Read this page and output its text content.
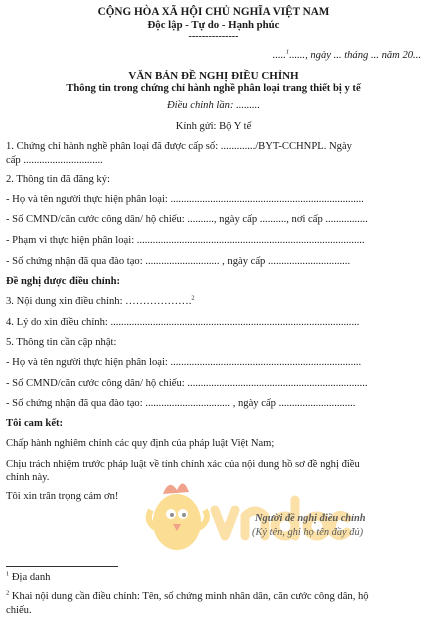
CỘNG HÒA XÃ HỘI CHỦ NGHĨA VIỆT NAM
Độc lập - Tự do - Hạnh phúc
---------------
.....$^1$......, ngày ... tháng ... năm 20...
VĂN BẢN ĐỀ NGHỊ ĐIỀU CHỈNH
Thông tin trong chứng chỉ hành nghề phân loại trang thiết bị y tế
Điều chỉnh lần: .........
Kính gửi: Bộ Y tế
1. Chứng chỉ hành nghề phân loại đã được cấp số: ............./BYT-CCHNPL. Ngày
cấp ..............................
2. Thông tin đã đăng ký:
- Họ và tên người thực hiện phân loại: .........................................................................
- Số CMND/căn cước công dân/ hộ chiếu: .........., ngày cấp .........., nơi cấp ................
- Phạm vi thực hiện phân loại: ......................................................................................
- Số chứng nhận đã qua đào tạo: ............................ , ngày cấp ...............................
Đề nghị được điều chỉnh:
3. Nội dung xin điều chỉnh: ……………….$^2$
4. Lý do xin điều chỉnh: ..............................................................................................
5. Thông tin cần cập nhật:
- Họ và tên người thực hiện phân loại: ........................................................................
- Số CMND/căn cước công dân/ hộ chiếu: ....................................................................
- Số chứng nhận đã qua đào tạo: ................................ , ngày cấp .............................
Tôi cam kết:
Chấp hành nghiêm chỉnh các quy định của pháp luật Việt Nam;
Chịu trách nhiệm trước pháp luật về tính chính xác của nội dung hồ sơ đề nghị điều
chỉnh này.
Tôi xin trân trọng cảm ơn!
Người đề nghị điều chỉnh
(Ký tên, ghi họ tên đầy đủ)
$^1$ Địa danh
$^2$ Khai nội dung cần điều chỉnh: Tên, số chứng minh nhân dân, căn cước công dân, hộ
chiếu.
